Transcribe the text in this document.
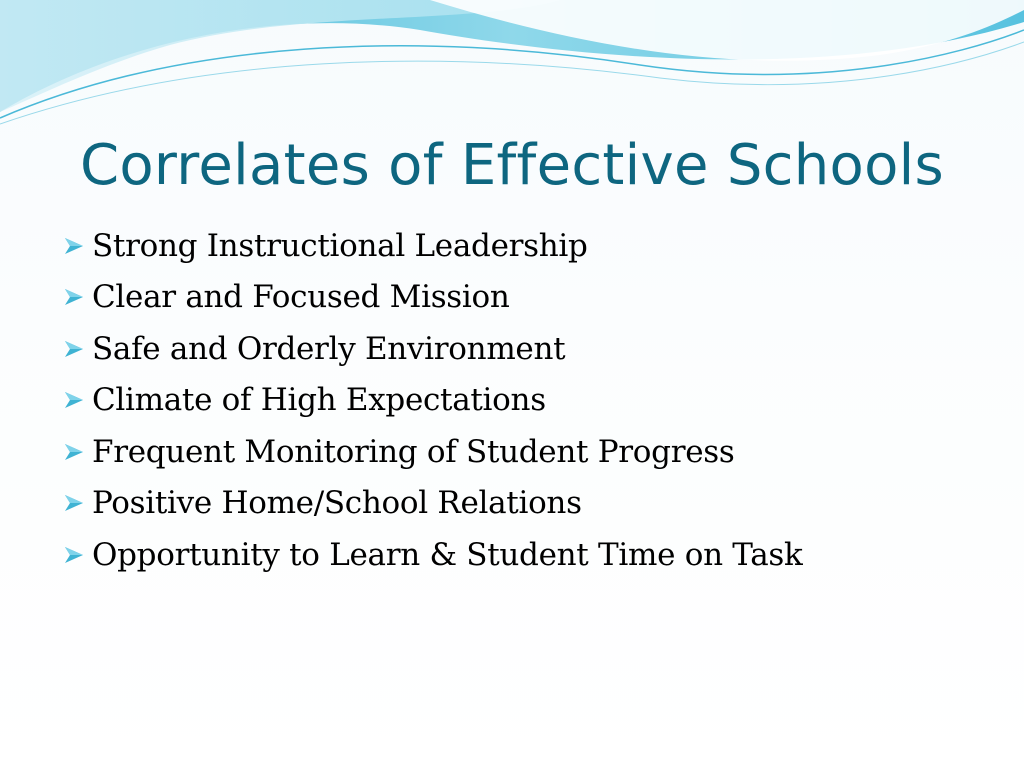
Correlates of Effective Schools
Strong Instructional Leadership
Clear and Focused Mission
Safe and Orderly Environment
Climate of High Expectations
Frequent Monitoring of Student Progress
Positive Home/School Relations
Opportunity to Learn & Student Time on Task
